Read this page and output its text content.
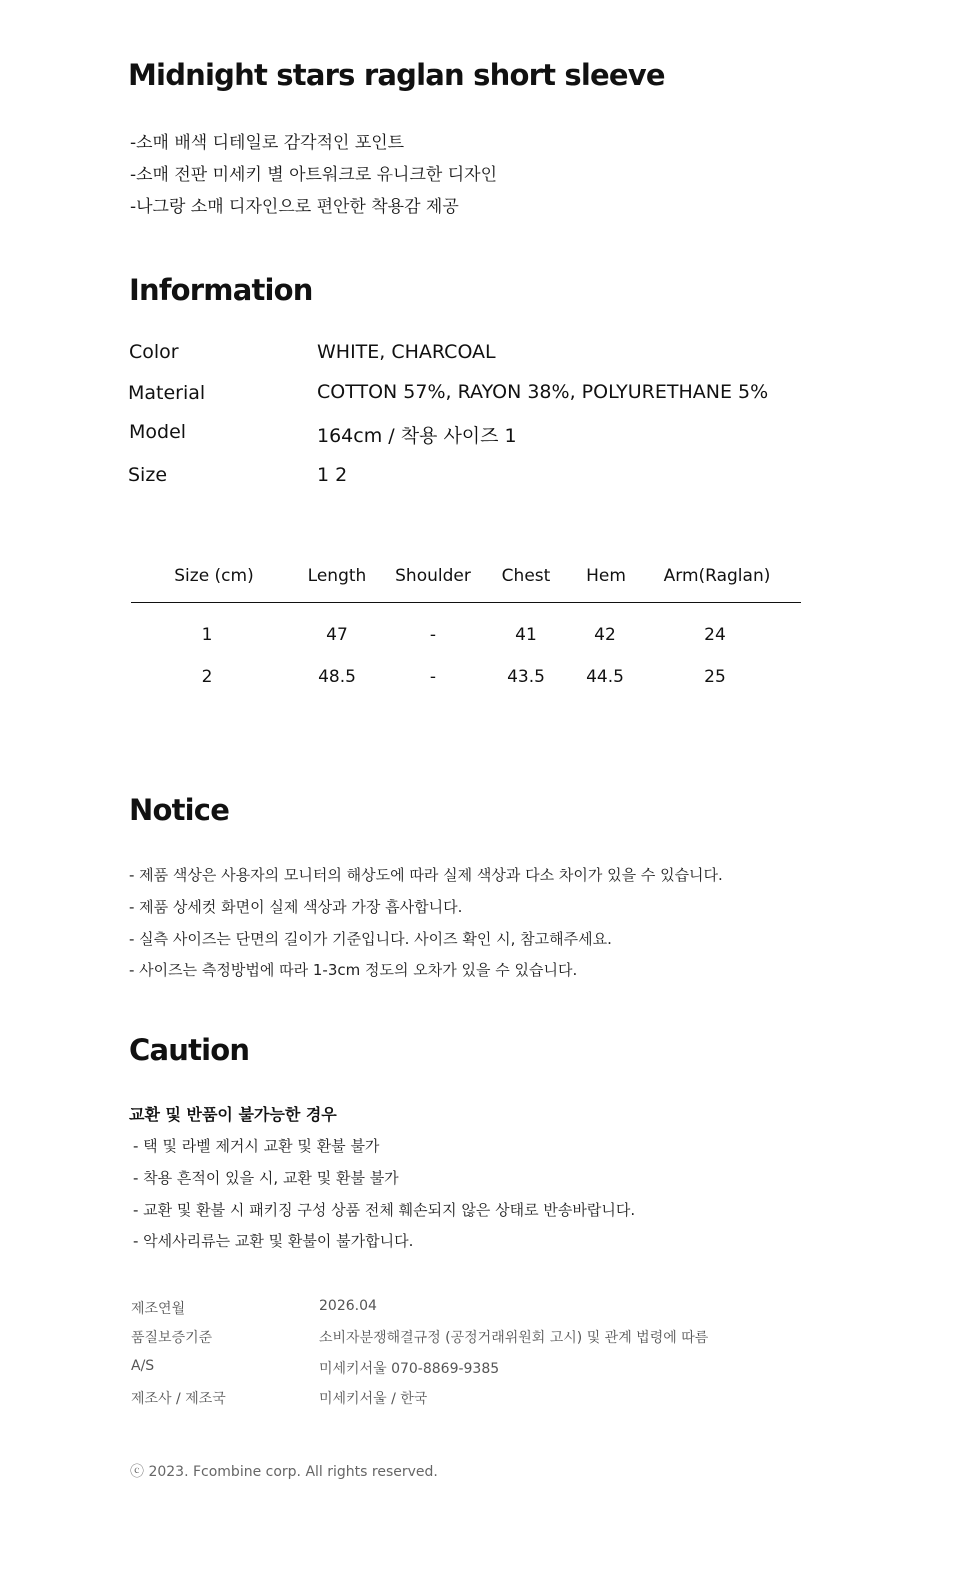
Midnight stars raglan short sleeve
-소매 배색 디테일로 감각적인 포인트
-소매 전판 미세키 별 아트워크로 유니크한 디자인
-나그랑 소매 디자인으로 편안한 착용감 제공
Information
Color	WHITE, CHARCOAL
Material	COTTON 57%, RAYON 38%, POLYURETHANE 5%
Model	164cm / 착용 사이즈 1
Size	1 2
Size (cm)	Length	Shoulder	Chest	Hem	Arm(Raglan)
1	47	-	41	42	24
2	48.5	-	43.5	44.5	25
Notice
- 제품 색상은 사용자의 모니터의 해상도에 따라 실제 색상과 다소 차이가 있을 수 있습니다.
- 제품 상세컷 화면이 실제 색상과 가장 흡사합니다.
- 실측 사이즈는 단면의 길이가 기준입니다. 사이즈 확인 시, 참고해주세요.
- 사이즈는 측정방법에 따라 1-3cm 정도의 오차가 있을 수 있습니다.
Caution
교환 및 반품이 불가능한 경우
- 택 및 라벨 제거시 교환 및 환불 불가
- 착용 흔적이 있을 시, 교환 및 환불 불가
- 교환 및 환불 시 패키징 구성 상품 전체 훼손되지 않은 상태로 반송바랍니다.
- 악세사리류는 교환 및 환불이 불가합니다.
제조연월	2026.04
품질보증기준	소비자분쟁해결규정 (공정거래위원회 고시) 및 관계 법령에 따름
A/S	미세키서울 070-8869-9385
제조사 / 제조국	미세키서울 / 한국
ⓒ 2023. Fcombine corp. All rights reserved.
